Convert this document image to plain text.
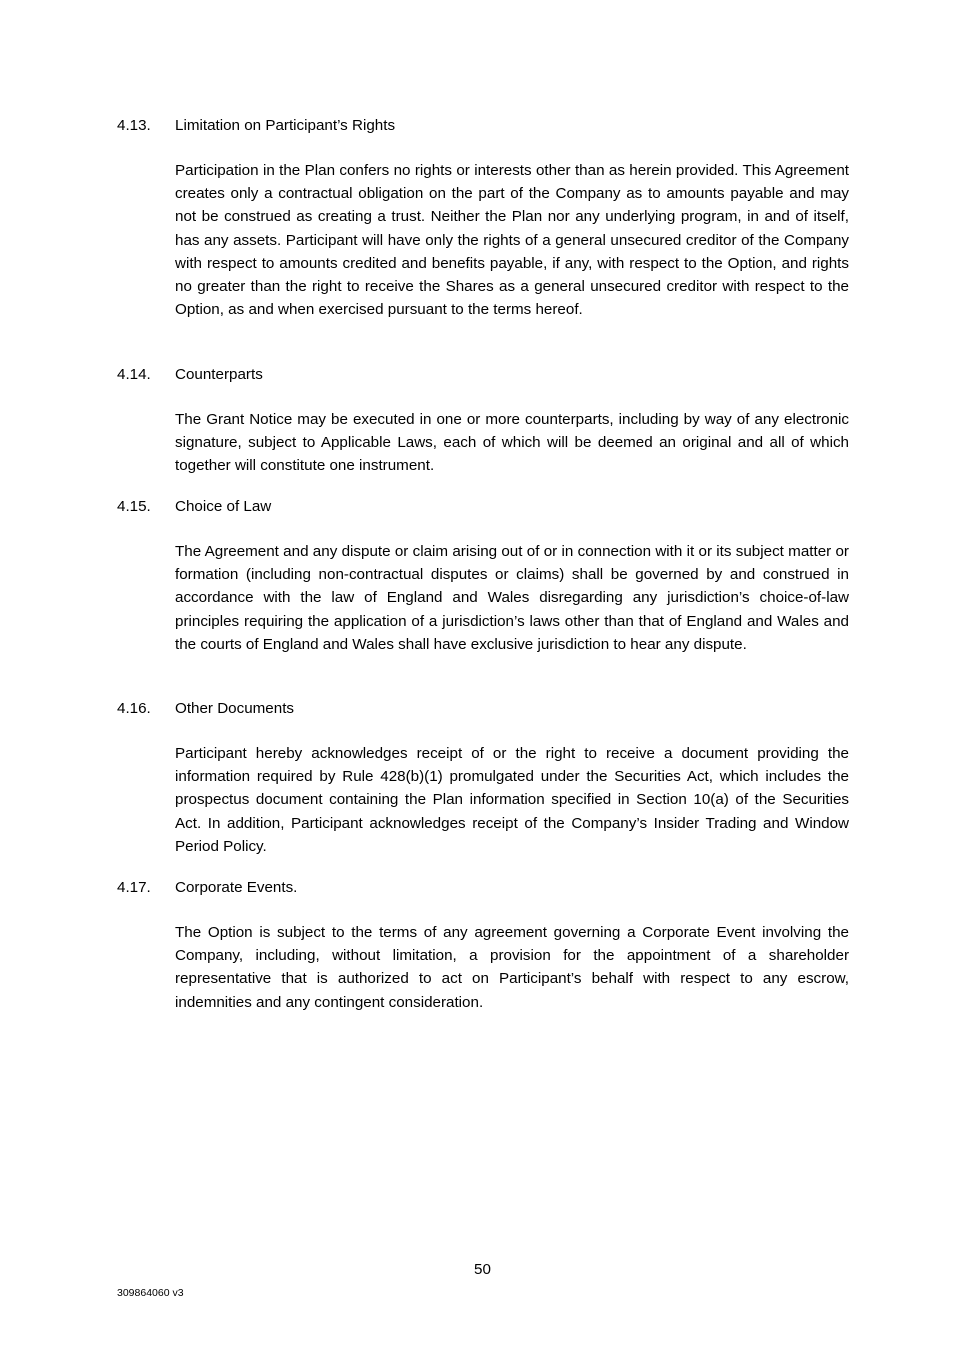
4.13. Limitation on Participant’s Rights
Participation in the Plan confers no rights or interests other than as herein provided. This Agreement creates only a contractual obligation on the part of the Company as to amounts payable and may not be construed as creating a trust. Neither the Plan nor any underlying program, in and of itself, has any assets. Participant will have only the rights of a general unsecured creditor of the Company with respect to amounts credited and benefits payable, if any, with respect to the Option, and rights no greater than the right to receive the Shares as a general unsecured creditor with respect to the Option, as and when exercised pursuant to the terms hereof.
4.14. Counterparts
The Grant Notice may be executed in one or more counterparts, including by way of any electronic signature, subject to Applicable Laws, each of which will be deemed an original and all of which together will constitute one instrument.
4.15. Choice of Law
The Agreement and any dispute or claim arising out of or in connection with it or its subject matter or formation (including non-contractual disputes or claims) shall be governed by and construed in accordance with the law of England and Wales disregarding any jurisdiction’s choice-of-law principles requiring the application of a jurisdiction’s laws other than that of England and Wales and the courts of England and Wales shall have exclusive jurisdiction to hear any dispute.
4.16. Other Documents
Participant hereby acknowledges receipt of or the right to receive a document providing the information required by Rule 428(b)(1) promulgated under the Securities Act, which includes the prospectus document containing the Plan information specified in Section 10(a) of the Securities Act. In addition, Participant acknowledges receipt of the Company’s Insider Trading and Window Period Policy.
4.17. Corporate Events.
The Option is subject to the terms of any agreement governing a Corporate Event involving the Company, including, without limitation, a provision for the appointment of a shareholder representative that is authorized to act on Participant’s behalf with respect to any escrow, indemnities and any contingent consideration.
50
309864060 v3
